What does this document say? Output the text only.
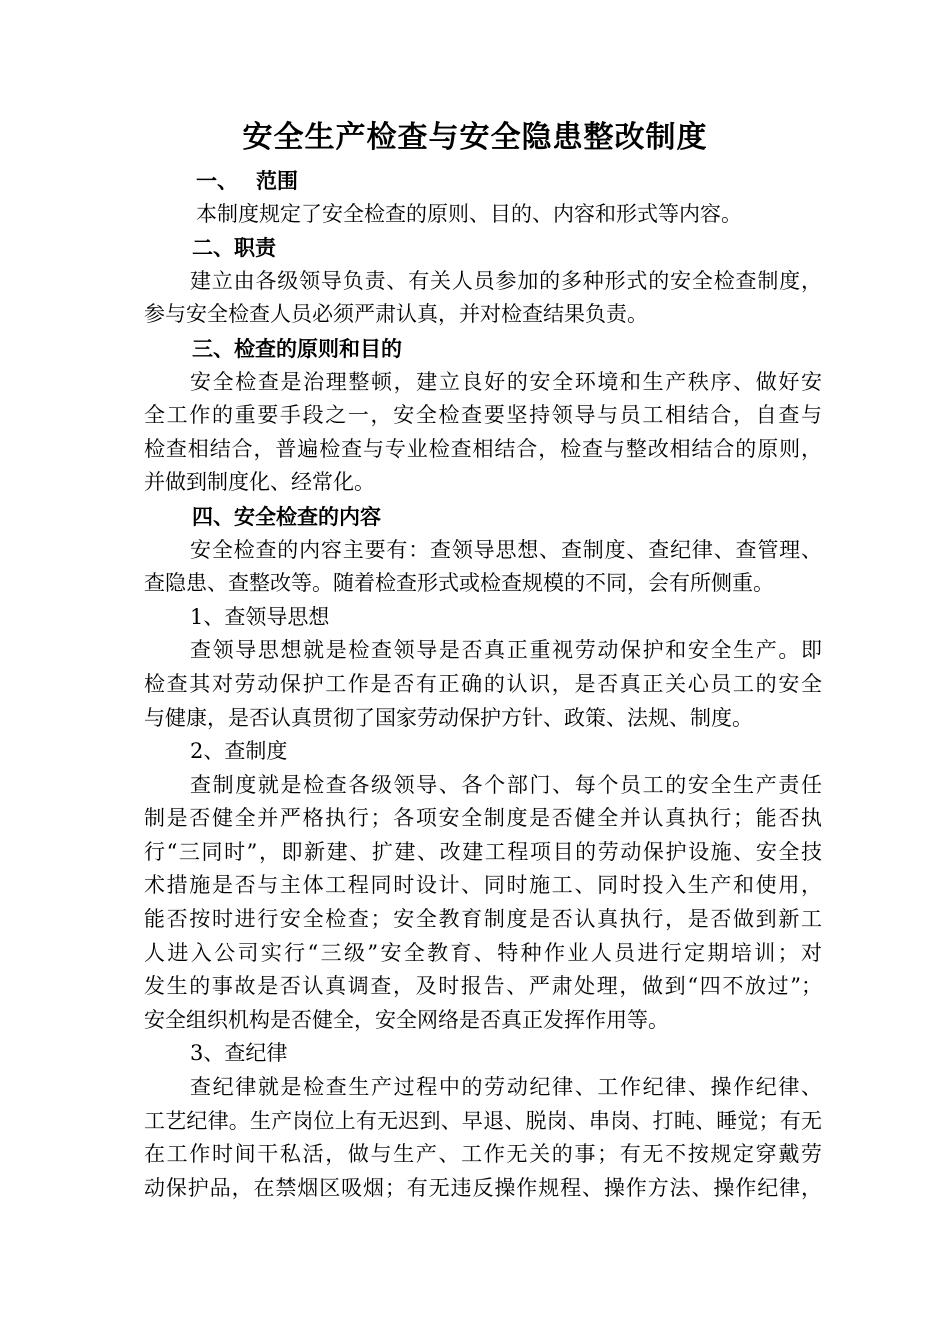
安全生产检查与安全隐患整改制度
一、 范围
本制度规定了安全检查的原则、目的、内容和形式等内容。
二、职责
建立由各级领导负责、有关人员参加的多种形式的安全检查制度，
参与安全检查人员必须严肃认真，并对检查结果负责。
三、检查的原则和目的
安全检查是治理整顿，建立良好的安全环境和生产秩序、做好安
全工作的重要手段之一，安全检查要坚持领导与员工相结合，自查与
检查相结合，普遍检查与专业检查相结合，检查与整改相结合的原则，
并做到制度化、经常化。
四、安全检查的内容
安全检查的内容主要有：查领导思想、查制度、查纪律、查管理、
查隐患、查整改等。随着检查形式或检查规模的不同，会有所侧重。
1、查领导思想
查领导思想就是检查领导是否真正重视劳动保护和安全生产。即
检查其对劳动保护工作是否有正确的认识，是否真正关心员工的安全
与健康，是否认真贯彻了国家劳动保护方针、政策、法规、制度。
2、查制度
查制度就是检查各级领导、各个部门、每个员工的安全生产责任
制是否健全并严格执行；各项安全制度是否健全并认真执行；能否执
行“三同时”，即新建、扩建、改建工程项目的劳动保护设施、安全技
术措施是否与主体工程同时设计、同时施工、同时投入生产和使用，
能否按时进行安全检查；安全教育制度是否认真执行，是否做到新工
人进入公司实行“三级”安全教育、特种作业人员进行定期培训；对
发生的事故是否认真调查，及时报告、严肃处理，做到“四不放过”；
安全组织机构是否健全，安全网络是否真正发挥作用等。
3、查纪律
查纪律就是检查生产过程中的劳动纪律、工作纪律、操作纪律、
工艺纪律。生产岗位上有无迟到、早退、脱岗、串岗、打盹、睡觉；有无
在工作时间干私活，做与生产、工作无关的事；有无不按规定穿戴劳
动保护品，在禁烟区吸烟；有无违反操作规程、操作方法、操作纪律，
